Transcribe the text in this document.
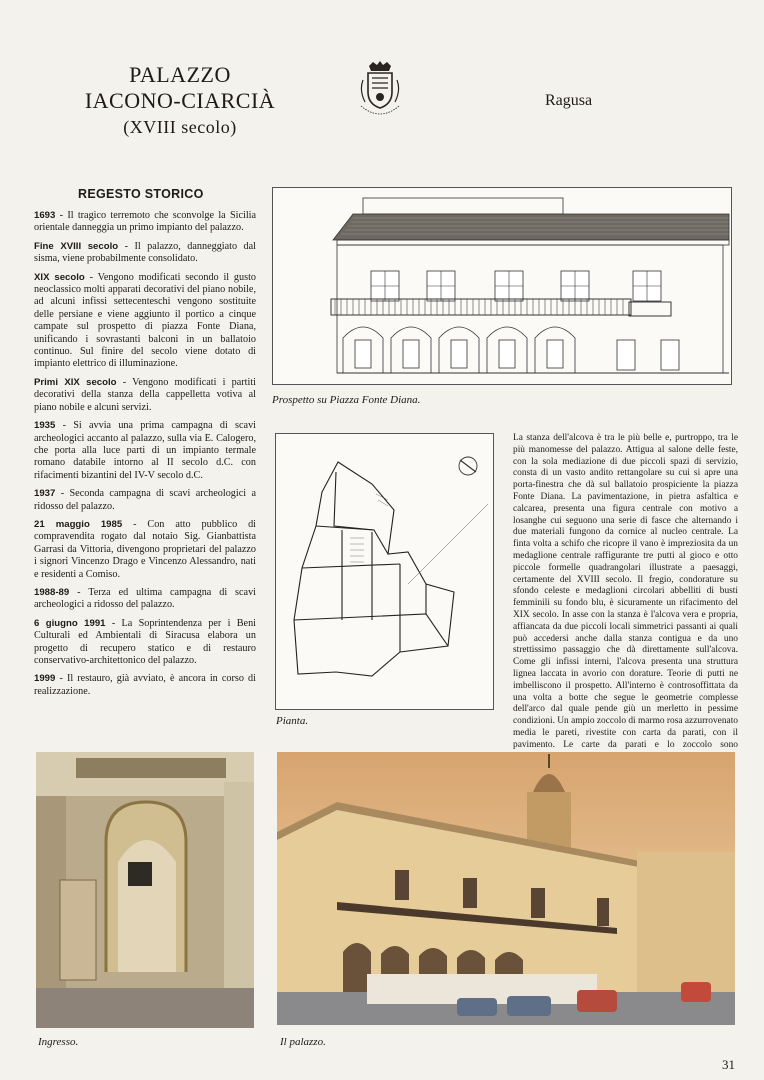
PALAZZO
IACONO-CIARCIÀ
(XVIII secolo)
Ragusa
REGESTO STORICO

1693 - Il tragico terremoto che sconvolge la Sicilia orientale danneggia un primo impianto del palazzo.

Fine XVIII secolo - Il palazzo, danneggiato dal sisma, viene probabilmente consolidato.

XIX secolo - Vengono modificati secondo il gusto neoclassico molti apparati decorativi del piano nobile, ad alcuni infissi settecenteschi vengono sostituite delle persiane e viene aggiunto il portico a cinque campate sul prospetto di piazza Fonte Diana, unificando i sovrastanti balconi in un ballatoio continuo. Sul finire del secolo viene dotato di impianto elettrico di illuminazione.

Primi XIX secolo - Vengono modificati i partiti decorativi della stanza della cappelletta votiva al piano nobile e alcuni servizi.

1935 - Si avvia una prima campagna di scavi archeologici accanto al palazzo, sulla via E. Calogero, che porta alla luce parti di un impianto termale romano databile intorno al II secolo d.C. con rifacimenti bizantini del IV-V secolo d.C.

1937 - Seconda campagna di scavi archeologici a ridosso del palazzo.

21 maggio 1985 - Con atto pubblico di compravendita rogato dal notaio Sig. Gianbattista Garrasi da Vittoria, divengono proprietari del palazzo i signori Vincenzo Drago e Vincenzo Alessandro, nati e residenti a Comiso.

1988-89 - Terza ed ultima campagna di scavi archeologici a ridosso del palazzo.

6 giugno 1991 - La Soprintendenza per i Beni Culturali ed Ambientali di Siracusa elabora un progetto di recupero statico e di restauro conservativo-architettonico del palazzo.

1999 - Il restauro, già avviato, è ancora in corso di realizzazione.

Prospetto su Piazza Fonte Diana.
Pianta.
La stanza dell'alcova è tra le più belle e, purtroppo, tra le più manomesse del palazzo. Attigua al salone delle feste, con la sola mediazione di due piccoli spazi di servizio, consta di un vasto andito rettangolare su cui si apre una porta-finestra che dà sul ballatoio prospiciente la piazza Fonte Diana. La pavimentazione, in pietra asfaltica e calcarea, presenta una figura centrale con motivo a losanghe cui seguono una serie di fasce che alternando i due materiali fungono da cornice al nucleo centrale. La finta volta a schifo che ricopre il vano è impreziosita da un medaglione centrale raffigurante tre putti al gioco e otto piccole formelle quadrangolari illustrate a paesaggi, certamente del XVIII secolo. Il fregio, condorature su sfondo celeste e medaglioni circolari abbelliti di busti femminili su fondo blu, è sicuramente un rifacimento del XIX secolo. In asse con la stanza è l'alcova vera e propria, affiancata da due piccoli locali simmetrici passanti ai quali può accedersi anche dalla stanza contigua e da uno strettissimo passaggio che dà direttamente sull'alcova. Come gli infissi interni, l'alcova presenta una struttura lignea laccata in avorio con dorature. Teorie di putti ne imbelliscono il prospetto. All'interno è controsoffittata da una volta a botte che segue le geometrie complesse dell'arco dal quale pende giù un merletto in pessime condizioni. Un ampio zoccolo di marmo rosa azzurrovenato media le pareti, rivestite con carta da parati, con il pavimento. Le carte da parati e lo zoccolo sono
Ingresso.	Il palazzo.
31
